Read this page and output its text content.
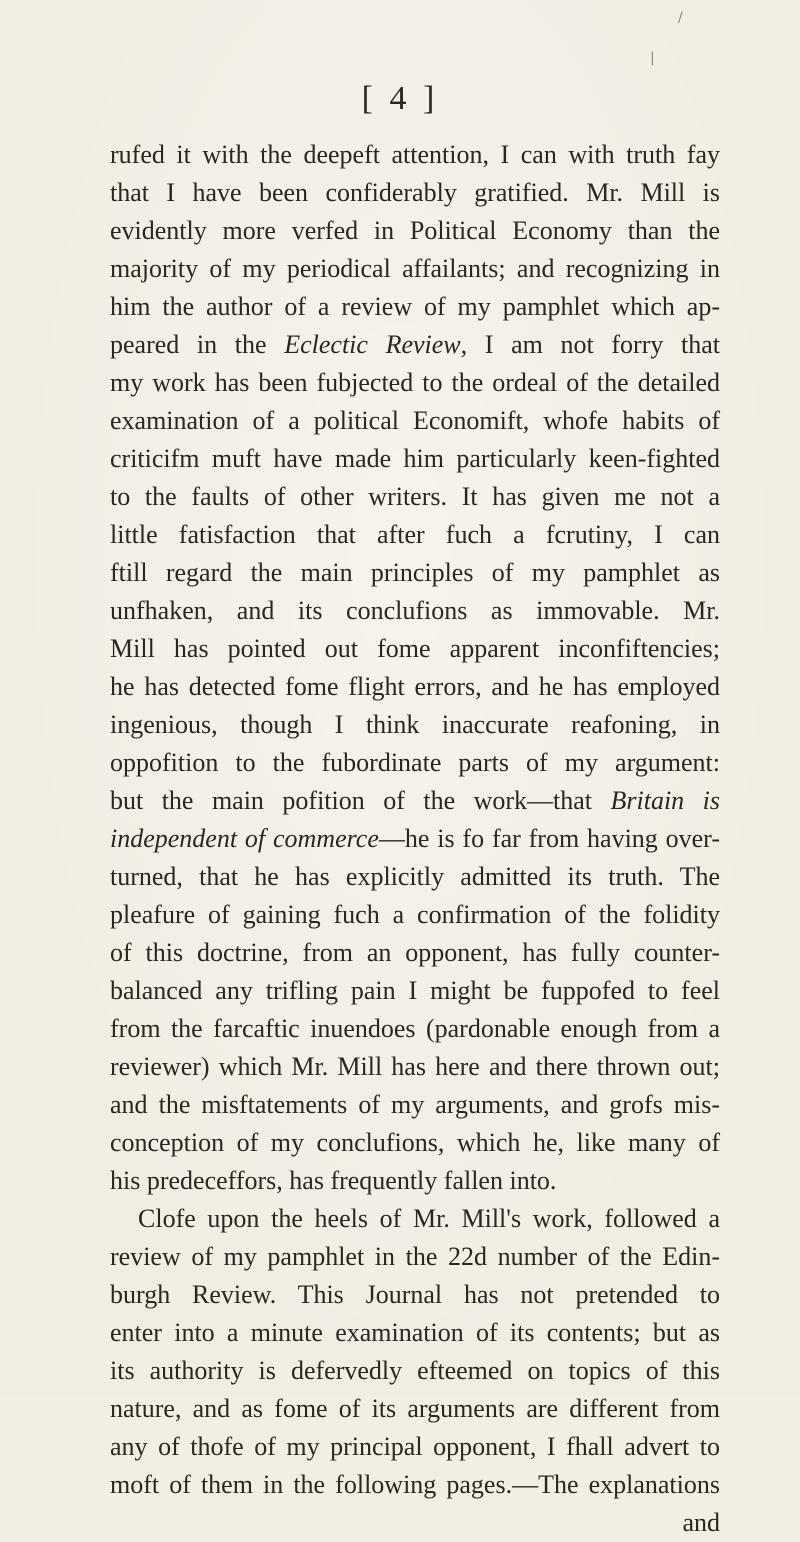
/
|
[ 4 ]
rufed it with the deepeft attention, I can with truth fay
that I have been confiderably gratified. Mr. Mill is
evidently more verfed in Political Economy than the
majority of my periodical affailants; and recognizing in
him the author of a review of my pamphlet which ap-
peared in the Eclectic Review, I am not forry that
my work has been fubjected to the ordeal of the detailed
examination of a political Economift, whofe habits of
criticifm muft have made him particularly keen-fighted
to the faults of other writers. It has given me not a
little fatisfaction that after fuch a fcrutiny, I can
ftill regard the main principles of my pamphlet as
unfhaken, and its conclufions as immovable. Mr.
Mill has pointed out fome apparent inconfiftencies;
he has detected fome flight errors, and he has employed
ingenious, though I think inaccurate reafoning, in
oppofition to the fubordinate parts of my argument:
but the main pofition of the work—that Britain is
independent of commerce—he is fo far from having over-
turned, that he has explicitly admitted its truth. The
pleafure of gaining fuch a confirmation of the folidity
of this doctrine, from an opponent, has fully counter-
balanced any trifling pain I might be fuppofed to feel
from the farcaftic inuendoes (pardonable enough from a
reviewer) which Mr. Mill has here and there thrown out;
and the misftatements of my arguments, and grofs mis-
conception of my conclufions, which he, like many of
his predeceffors, has frequently fallen into.
Clofe upon the heels of Mr. Mill's work, followed a
review of my pamphlet in the 22d number of the Edin-
burgh Review. This Journal has not pretended to
enter into a minute examination of its contents; but as
its authority is defervedly efteemed on topics of this
nature, and as fome of its arguments are different from
any of thofe of my principal opponent, I fhall advert to
moft of them in the following pages.—The explanations
and
